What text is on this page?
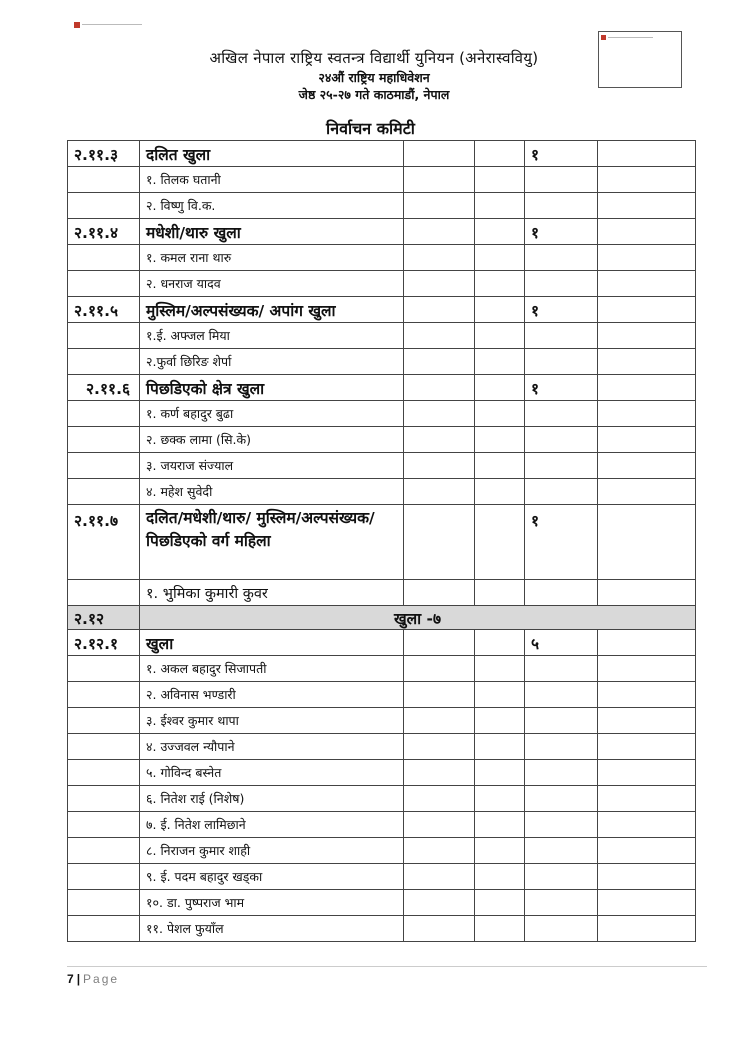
अखिल नेपाल राष्ट्रिय स्वतन्त्र विद्यार्थी युनियन (अनेरास्ववियु)
२४औं राष्ट्रिय महाधिवेशन
जेष्ठ २५-२७ गते काठमाडौं, नेपाल
निर्वाचन कमिटी
२.११.३	दलित खुला			१	
	१. तिलक घतानी				
	२. विष्णु वि.क.				
२.११.४	मधेशी/थारु खुला			१	
	१. कमल राना थारु				
	२. धनराज यादव				
२.११.५	मुस्लिम/अल्पसंख्यक/ अपांग खुला			१	
	१.ई. अफ्जल मिया				
	२.फुर्वा छिरिङ शेर्पा				
२.११.६	पिछडिएको क्षेत्र खुला			१	
	१. कर्ण बहादुर बुढा				
	२. छक्क लामा (सि.के)				
	३. जयराज संज्याल				
	४. महेश सुवेदी				
२.११.७	दलित/मधेशी/थारु/ मुस्लिम/अल्पसंख्यक/ पिछडिएको वर्ग महिला			१	
	१. भुमिका कुमारी कुवर				
२.१२	खुला -७				
२.१२.१	खुला			५	
	१. अकल बहादुर सिजापती				
	२. अविनास भण्डारी				
	३. ईश्वर कुमार थापा				
	४. उज्जवल न्यौपाने				
	५. गोविन्द बस्नेत				
	६. नितेश राई (निशेष)				
	७. ई. नितेश लामिछाने				
	८. निराजन कुमार शाही				
	९. ई. पदम बहादुर खड्का				
	१०. डा. पुष्पराज भाम				
	११. पेशल फुयाँल				
7 | Page
